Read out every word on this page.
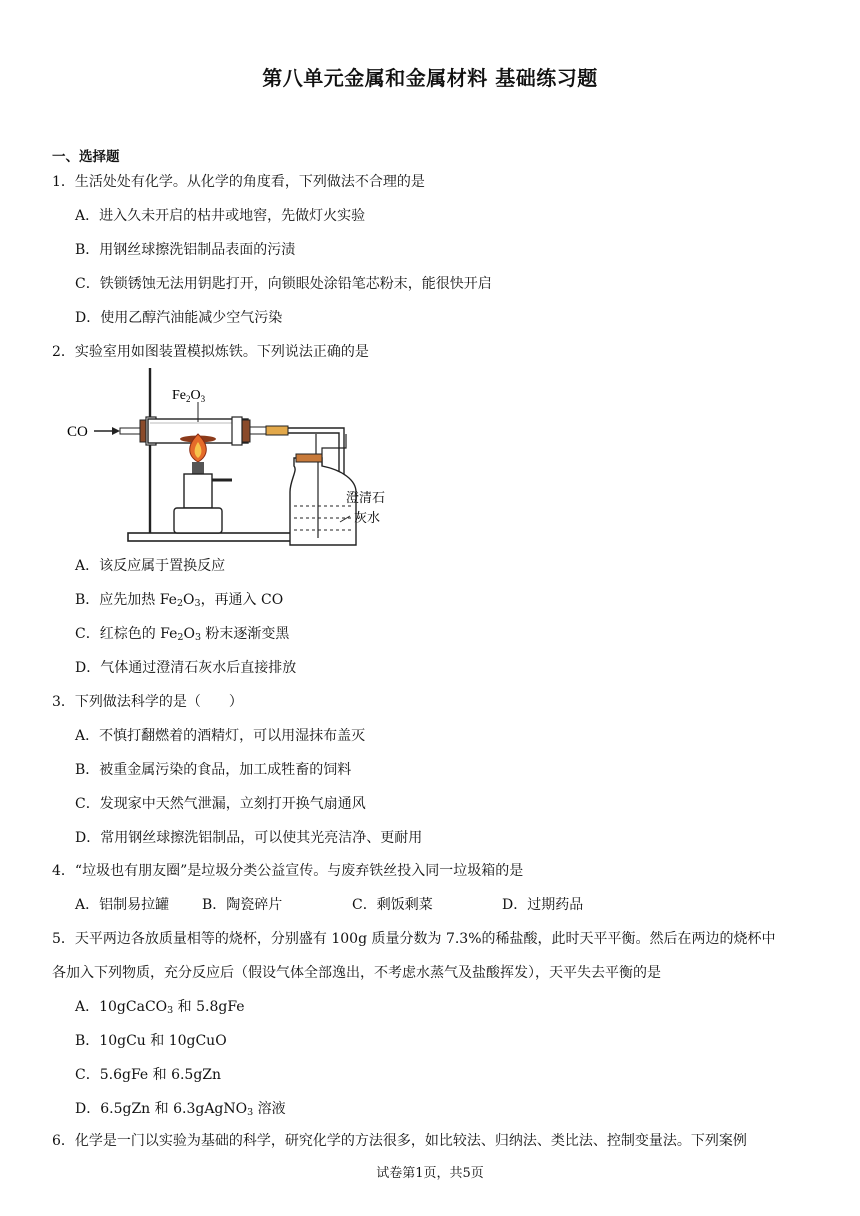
第八单元金属和金属材料 基础练习题
一、选择题
1．生活处处有化学。从化学的角度看，下列做法不合理的是
A．进入久未开启的枯井或地窖，先做灯火实验
B．用钢丝球擦洗铝制品表面的污渍
C．铁锁锈蚀无法用钥匙打开，向锁眼处涂铅笔芯粉末，能很快开启
D．使用乙醇汽油能减少空气污染
2．实验室用如图装置模拟炼铁。下列说法正确的是
CO
$Fe_2O_3$
澄清石
灰水
A．该反应属于置换反应
B．应先加热 $Fe_2O_3$，再通入 CO
C．红棕色的 $Fe_2O_3$ 粉末逐渐变黑
D．气体通过澄清石灰水后直接排放
3．下列做法科学的是（　　）
A．不慎打翻燃着的酒精灯，可以用湿抹布盖灭
B．被重金属污染的食品，加工成牲畜的饲料
C．发现家中天然气泄漏，立刻打开换气扇通风
D．常用钢丝球擦洗铝制品，可以使其光亮洁净、更耐用
4．“垃圾也有朋友圈”是垃圾分类公益宣传。与废弃铁丝投入同一垃圾箱的是
A．铝制易拉罐 B．陶瓷碎片	C．剩饭剩菜	D．过期药品
5．天平两边各放质量相等的烧杯，分别盛有 100g 质量分数为 7.3%的稀盐酸，此时天平平衡。然后在两边的烧杯中
各加入下列物质，充分反应后（假设气体全部逸出，不考虑水蒸气及盐酸挥发），天平失去平衡的是
A．10gCaCO$_3$ 和 5.8gFe
B．10gCu 和 10gCuO
C．5.6gFe 和 6.5gZn
D．6.5gZn 和 6.3gAgNO$_3$ 溶液
6．化学是一门以实验为基础的科学，研究化学的方法很多，如比较法、归纳法、类比法、控制变量法。下列案例
试卷第1页，共5页
